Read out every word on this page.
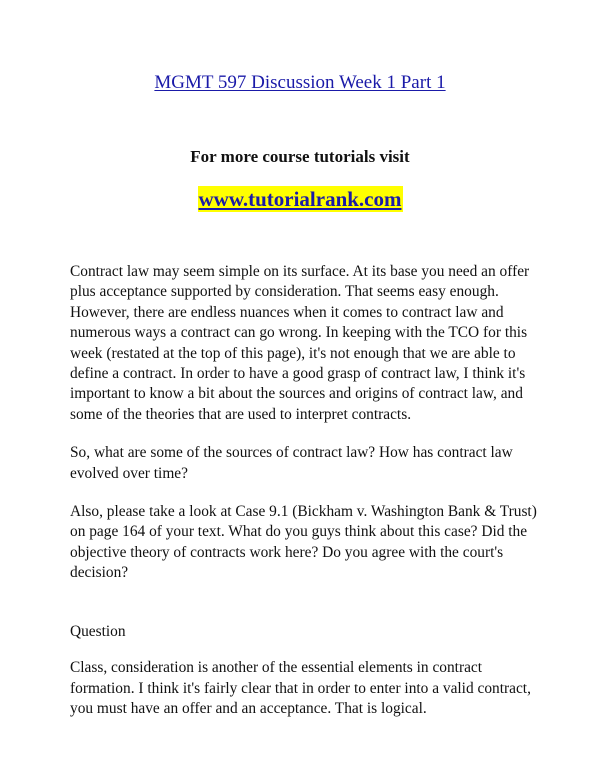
MGMT 597 Discussion Week 1 Part 1
For more course tutorials visit
www.tutorialrank.com

Contract law may seem simple on its surface. At its base you need an offer plus acceptance supported by consideration. That seems easy enough. However, there are endless nuances when it comes to contract law and numerous ways a contract can go wrong. In keeping with the TCO for this week (restated at the top of this page), it's not enough that we are able to define a contract. In order to have a good grasp of contract law, I think it's important to know a bit about the sources and origins of contract law, and some of the theories that are used to interpret contracts.

So, what are some of the sources of contract law? How has contract law evolved over time?

Also, please take a look at Case 9.1 (Bickham v. Washington Bank & Trust) on page 164 of your text. What do you guys think about this case? Did the objective theory of contracts work here? Do you agree with the court's decision?

Question

Class, consideration is another of the essential elements in contract formation. I think it's fairly clear that in order to enter into a valid contract, you must have an offer and an acceptance. That is logical.
